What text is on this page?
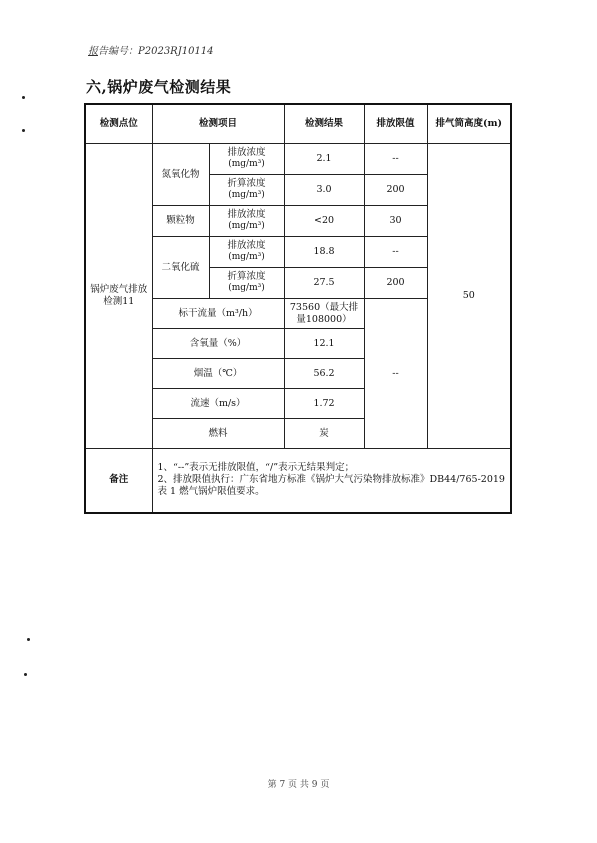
报告编号：P2023RJ10114
六,锅炉废气检测结果
检测点位	检测项目		检测结果	排放限值	排气筒高度(m)
锅炉废气排放检测11	氮氧化物	排放浓度
(mg/m³)	2.1	--	50

		折算浓度
(mg/m³)	3.0	200	
	颗粒物	排放浓度
(mg/m³)	<20	30	
	二氧化硫	排放浓度
(mg/m³)	18.8	--	

		折算浓度
(mg/m³)	27.5	200	
	标干流量（m³/h）		73560（最大排量108000）	--	
	含氧量（%）		12.1		
	烟温（℃）		56.2		
	流速（m/s）		1.72		
	燃料		炭		
备注	1、“--”表示无排放限值，“/”表示无结果判定；
2、排放限值执行：广东省地方标准《锅炉大气污染物排放标准》DB44/765-2019 表 1 燃气锅炉限值要求。				
第 7 页 共 9 页
